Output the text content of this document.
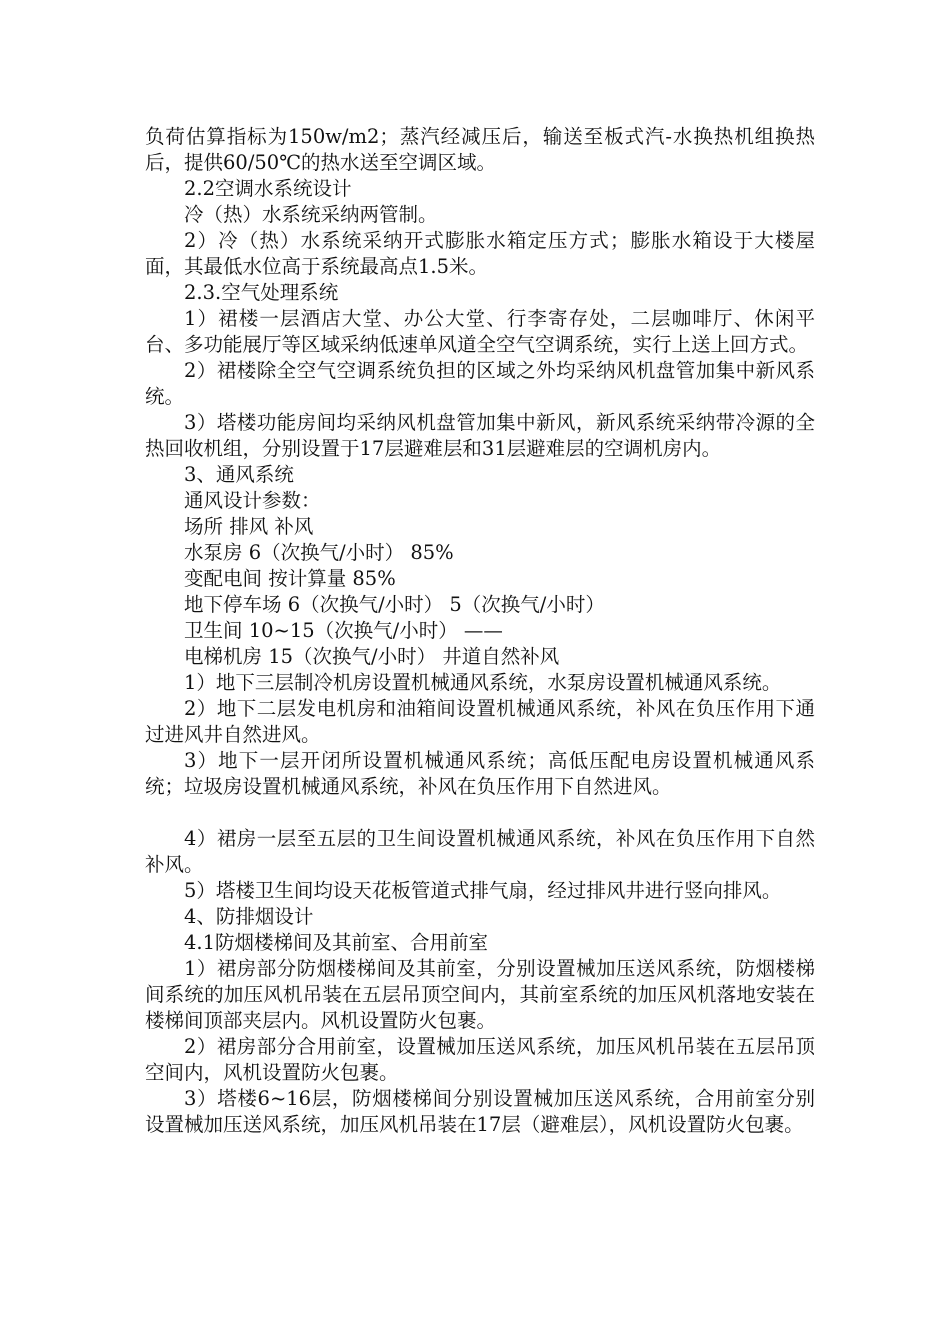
负荷估算指标为150w/m2；蒸汽经减压后，输送至板式汽-水换热机组换热后，提供60/50℃的热水送至空调区域。

2.2空调水系统设计

冷（热）水系统采纳两管制。

2）冷（热）水系统采纳开式膨胀水箱定压方式；膨胀水箱设于大楼屋面，其最低水位高于系统最高点1.5米。

2.3.空气处理系统

1）裙楼一层酒店大堂、办公大堂、行李寄存处，二层咖啡厅、休闲平台、多功能展厅等区域采纳低速单风道全空气空调系统，实行上送上回方式。

2）裙楼除全空气空调系统负担的区域之外均采纳风机盘管加集中新风系统。

3）塔楼功能房间均采纳风机盘管加集中新风，新风系统采纳带冷源的全热回收机组，分别设置于17层避难层和31层避难层的空调机房内。

3、通风系统

通风设计参数：

场所 排风 补风

水泵房 6（次换气/小时） 85%

变配电间 按计算量 85%

地下停车场 6（次换气/小时） 5（次换气/小时）

卫生间 10~15（次换气/小时） ——

电梯机房 15（次换气/小时） 井道自然补风

1）地下三层制冷机房设置机械通风系统，水泵房设置机械通风系统。

2）地下二层发电机房和油箱间设置机械通风系统，补风在负压作用下通过进风井自然进风。

3）地下一层开闭所设置机械通风系统；高低压配电房设置机械通风系统；垃圾房设置机械通风系统，补风在负压作用下自然进风。

4）裙房一层至五层的卫生间设置机械通风系统，补风在负压作用下自然补风。

5）塔楼卫生间均设天花板管道式排气扇，经过排风井进行竖向排风。

4、防排烟设计

4.1防烟楼梯间及其前室、合用前室

1）裙房部分防烟楼梯间及其前室，分别设置械加压送风系统，防烟楼梯间系统的加压风机吊装在五层吊顶空间内，其前室系统的加压风机落地安装在楼梯间顶部夹层内。风机设置防火包裹。

2）裙房部分合用前室，设置械加压送风系统，加压风机吊装在五层吊顶空间内，风机设置防火包裹。

3）塔楼6~16层，防烟楼梯间分别设置械加压送风系统，合用前室分别设置械加压送风系统，加压风机吊装在17层（避难层），风机设置防火包裹。
